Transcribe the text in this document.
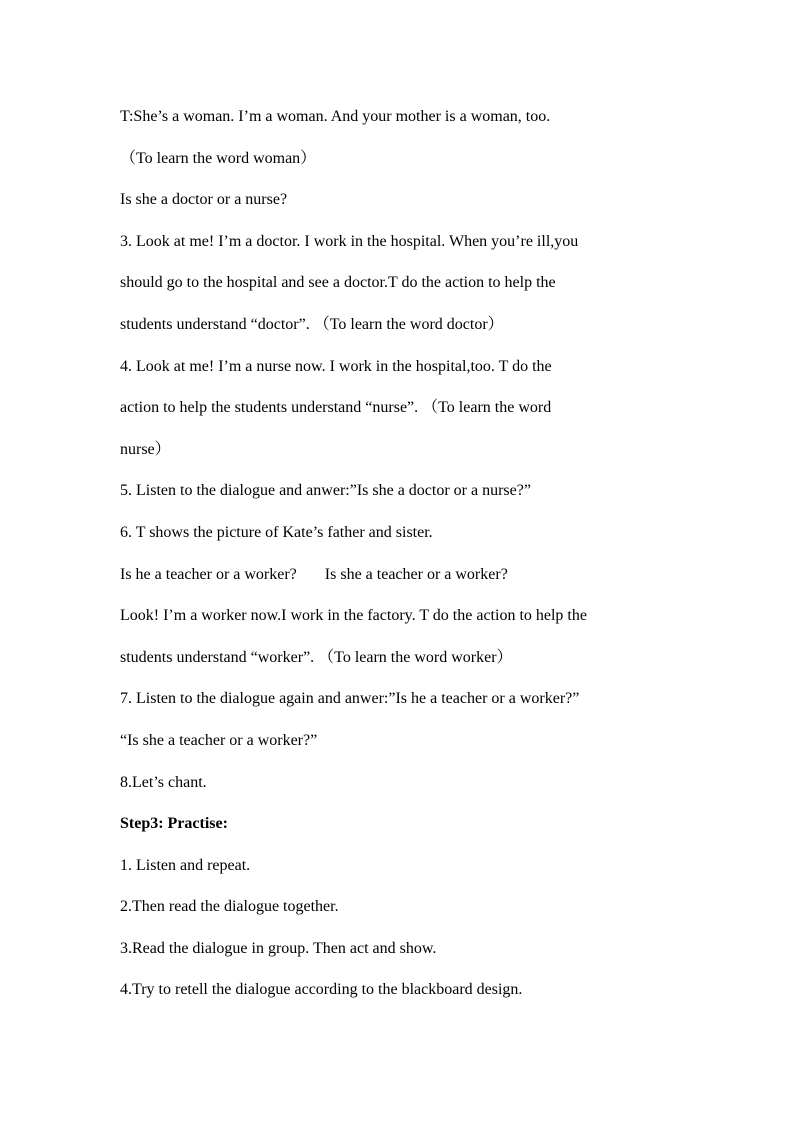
T:She’s a woman. I’m a woman. And your mother is a woman, too.
（To learn the word woman）
Is she a doctor or a nurse?
3. Look at me! I’m a doctor. I work in the hospital. When you’re ill,you
should go to the hospital and see a doctor.T do the action to help the
students understand “doctor”. （To learn the word doctor）
4. Look at me! I’m a nurse now. I work in the hospital,too. T do the
action to help the students understand “nurse”. （To learn the word
nurse）
5. Listen to the dialogue and anwer:”Is she a doctor or a nurse?”
6. T shows the picture of Kate’s father and sister.
Is he a teacher or a worker? Is she a teacher or a worker?
Look! I’m a worker now.I work in the factory. T do the action to help the
students understand “worker”. （To learn the word worker）
7. Listen to the dialogue again and anwer:”Is he a teacher or a worker?”
“Is she a teacher or a worker?”
8.Let’s chant.
Step3: Practise:
1. Listen and repeat.
2.Then read the dialogue together.
3.Read the dialogue in group. Then act and show.
4.Try to retell the dialogue according to the blackboard design.
